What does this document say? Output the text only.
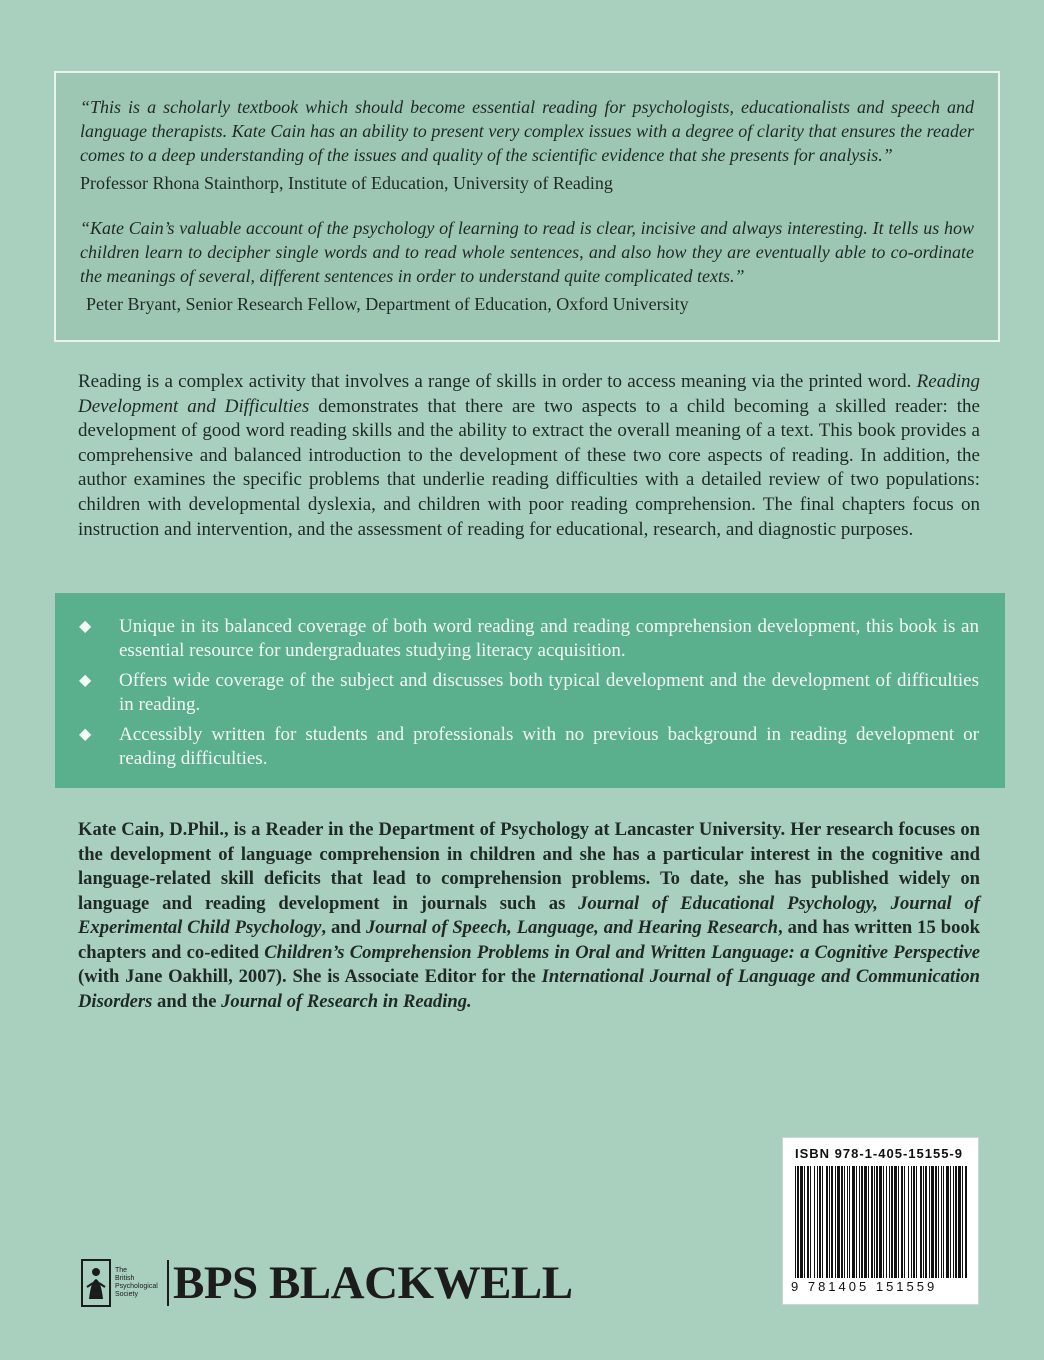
“This is a scholarly textbook which should become essential reading for psychologists, educationalists and speech and language therapists. Kate Cain has an ability to present very complex issues with a degree of clarity that ensures the reader comes to a deep understanding of the issues and quality of the scientific evidence that she presents for analysis.”

Professor Rhona Stainthorp, Institute of Education, University of Reading

“Kate Cain’s valuable account of the psychology of learning to read is clear, incisive and always interesting. It tells us how children learn to decipher single words and to read whole sentences, and also how they are eventually able to co-ordinate the meanings of several, different sentences in order to understand quite complicated texts.”

Peter Bryant, Senior Research Fellow, Department of Education, Oxford University

Reading is a complex activity that involves a range of skills in order to access meaning via the printed word. Reading Development and Difficulties demonstrates that there are two aspects to a child becoming a skilled reader: the development of good word reading skills and the ability to extract the overall meaning of a text. This book provides a comprehensive and balanced introduction to the development of these two core aspects of reading. In addition, the author examines the specific problems that underlie reading difficulties with a detailed review of two populations: children with developmental dyslexia, and children with poor reading comprehension. The final chapters focus on instruction and intervention, and the assessment of reading for educational, research, and diagnostic purposes.

◆	Unique in its balanced coverage of both word reading and reading comprehension development, this book is an essential resource for undergraduates studying literacy acquisition.
◆	Offers wide coverage of the subject and discusses both typical development and the development of difficulties in reading.
◆	Accessibly written for students and professionals with no previous background in reading development or reading difficulties.

Kate Cain, D.Phil., is a Reader in the Department of Psychology at Lancaster University. Her research focuses on the development of language comprehension in children and she has a particular interest in the cognitive and language-related skill deficits that lead to comprehension problems. To date, she has published widely on language and reading development in journals such as Journal of Educational Psychology, Journal of Experimental Child Psychology, and Journal of Speech, Language, and Hearing Research, and has written 15 book chapters and co-edited Children’s Comprehension Problems in Oral and Written Language: a Cognitive Perspective (with Jane Oakhill, 2007). She is Associate Editor for the International Journal of Language and Communication Disorders and the Journal of Research in Reading.

The
British
Psychological
Society BPS BLACKWELL
ISBN 978-1-405-15155-9
9 781405 151559
